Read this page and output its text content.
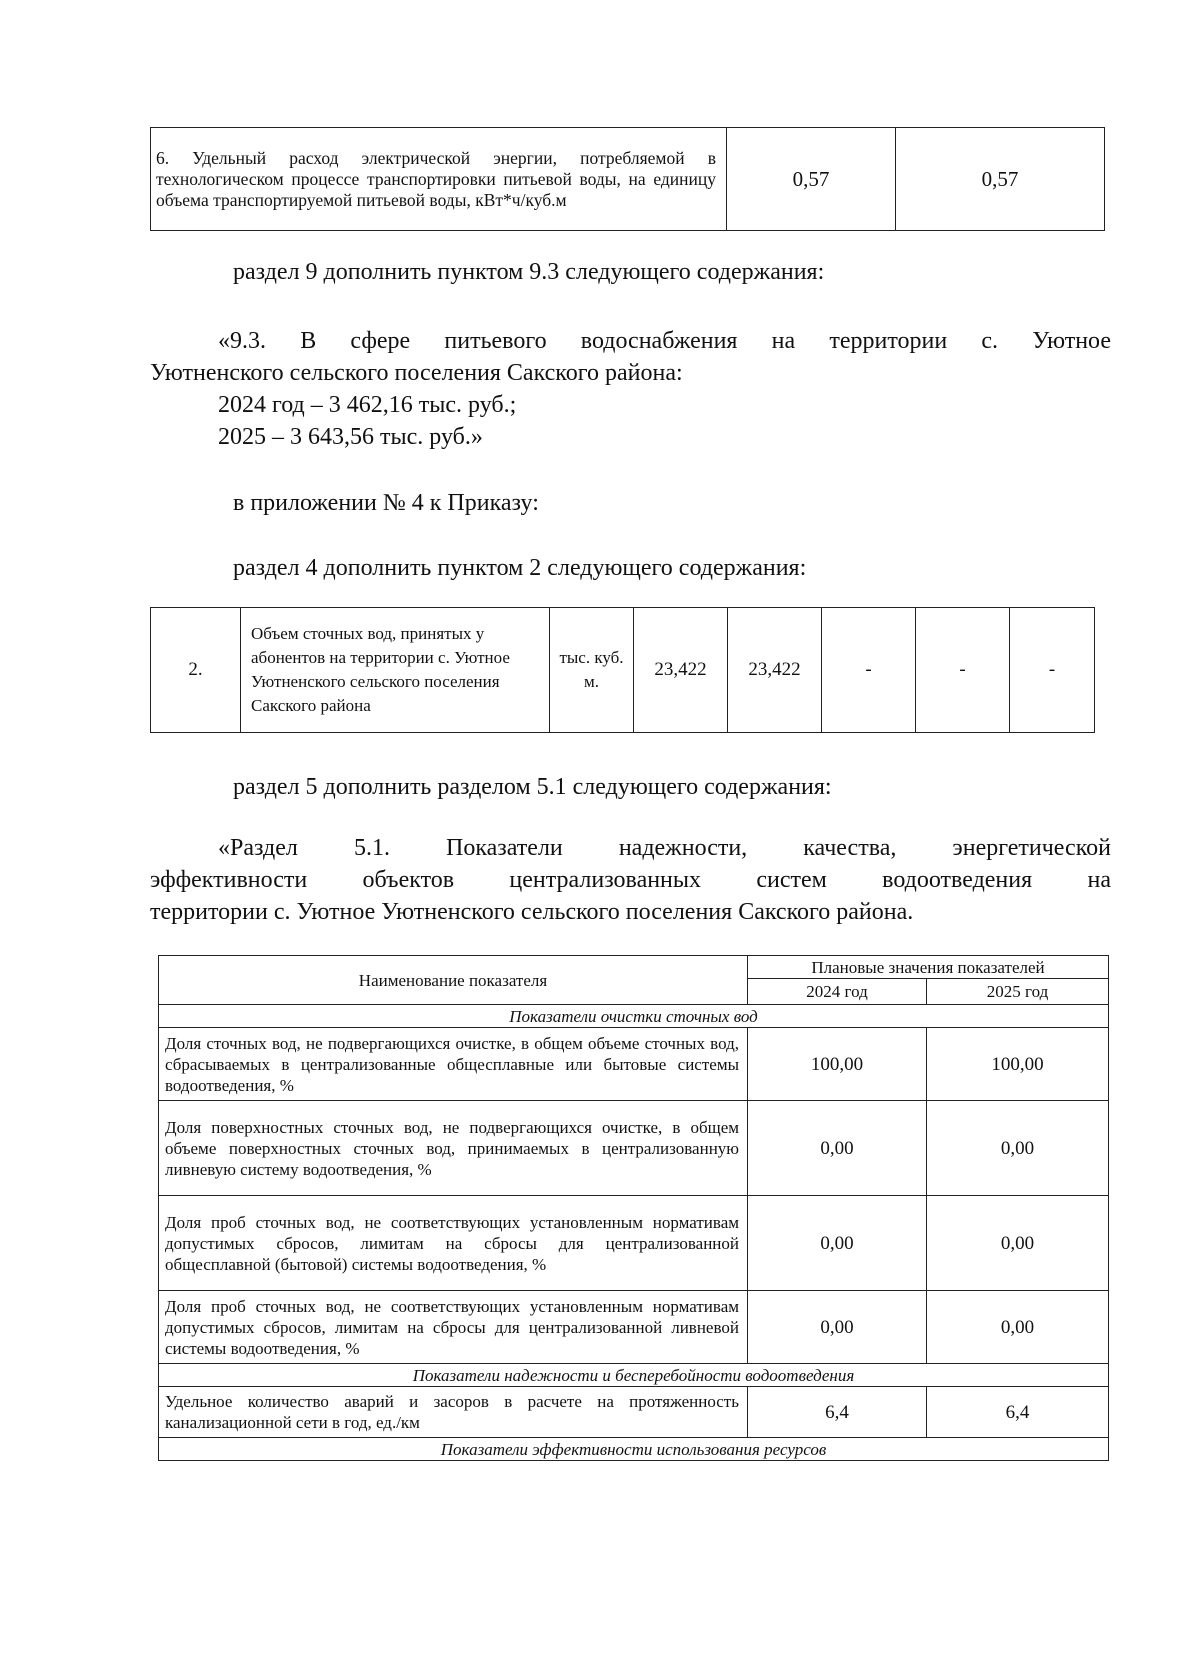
6. Удельный расход электрической энергии, потребляемой в технологическом процессе транспортировки питьевой воды, на единицу объема транспортируемой питьевой воды, кВт*ч/куб.м	0,57	0,57
раздел 9 дополнить пунктом 9.3 следующего содержания:
«9.3. В сфере питьевого водоснабжения на территории с. Уютное
Уютненского сельского поселения Сакского района:
2024 год – 3 462,16 тыс. руб.;
2025 – 3 643,56 тыс. руб.»
в приложении № 4 к Приказу:
раздел 4 дополнить пунктом 2 следующего содержания:
2.	Объем сточных вод, принятых у абонентов на территории с. Уютное Уютненского сельского поселения Сакского района	тыс. куб. м.	23,422	23,422	-	-	-
раздел 5 дополнить разделом 5.1 следующего содержания:
«Раздел 5.1. Показатели надежности, качества, энергетической
эффективности объектов централизованных систем водоотведения на
территории с. Уютное Уютненского сельского поселения Сакского района.
Наименование показателя	Плановые значения показателей	
	2024 год	2025 год
Показатели очистки сточных вод		
Доля сточных вод, не подвергающихся очистке, в общем объеме сточных вод, сбрасываемых в централизованные общесплавные или бытовые системы водоотведения, %	100,00	100,00
Доля поверхностных сточных вод, не подвергающихся очистке, в общем объеме поверхностных сточных вод, принимаемых в централизованную ливневую систему водоотведения, %	0,00	0,00
Доля проб сточных вод, не соответствующих установленным нормативам допустимых сбросов, лимитам на сбросы для централизованной общесплавной (бытовой) системы водоотведения, %	0,00	0,00
Доля проб сточных вод, не соответствующих установленным нормативам допустимых сбросов, лимитам на сбросы для централизованной ливневой системы водоотведения, %	0,00	0,00
Показатели надежности и бесперебойности водоотведения		
Удельное количество аварий и засоров в расчете на протяженность канализационной сети в год, ед./км	6,4	6,4
Показатели эффективности использования ресурсов		
